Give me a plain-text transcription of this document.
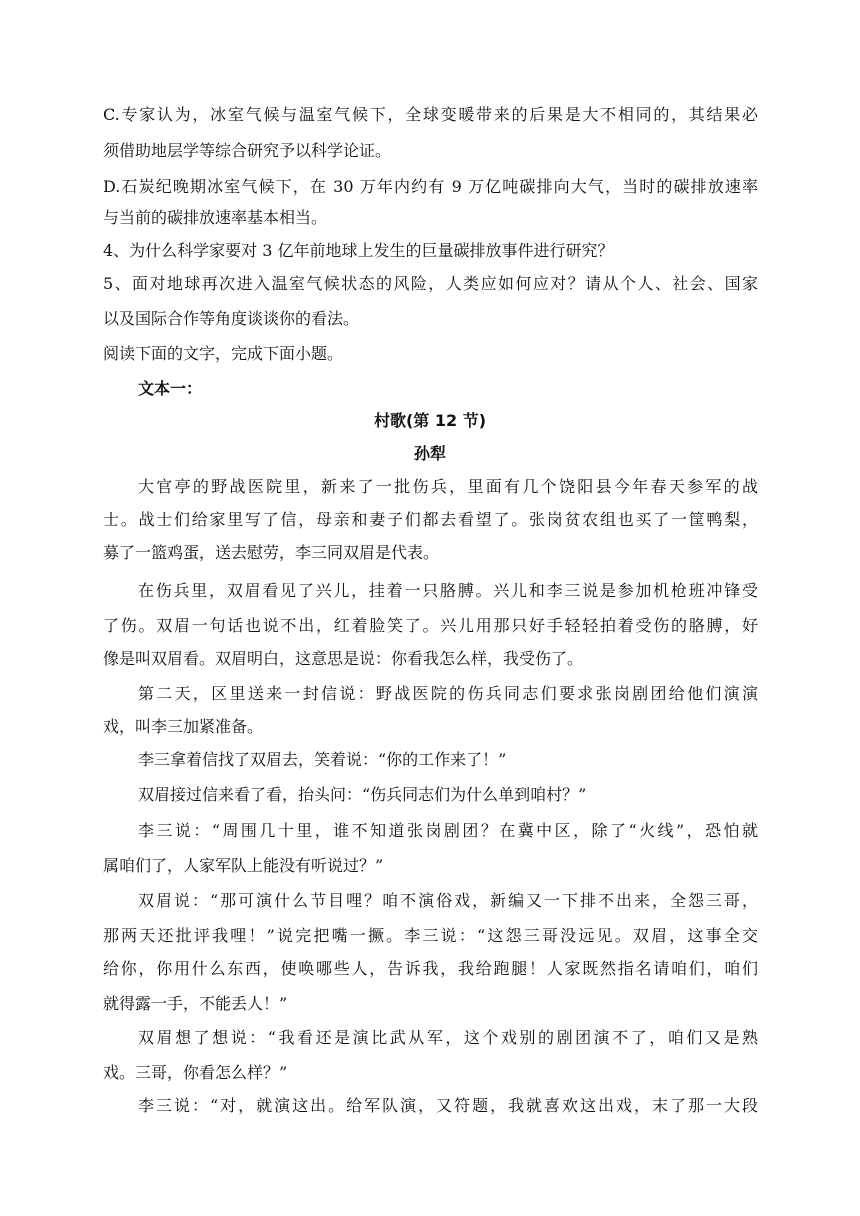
C.专家认为，冰室气候与温室气候下，全球变暖带来的后果是大不相同的，其结果必
须借助地层学等综合研究予以科学论证。
D.石炭纪晚期冰室气候下，在 30 万年内约有 9 万亿吨碳排向大气，当时的碳排放速率
与当前的碳排放速率基本相当。
4、为什么科学家要对 3 亿年前地球上发生的巨量碳排放事件进行研究？
5、面对地球再次进入温室气候状态的风险，人类应如何应对？请从个人、社会、国家
以及国际合作等角度谈谈你的看法。
阅读下面的文字，完成下面小题。
文本一：
村歌(第 12 节)
孙犁
大官亭的野战医院里，新来了一批伤兵，里面有几个饶阳县今年春天参军的战
士。战士们给家里写了信，母亲和妻子们都去看望了。张岗贫农组也买了一筐鸭梨，
募了一篮鸡蛋，送去慰劳，李三同双眉是代表。
在伤兵里，双眉看见了兴儿，挂着一只胳膊。兴儿和李三说是参加机枪班冲锋受
了伤。双眉一句话也说不出，红着脸笑了。兴儿用那只好手轻轻拍着受伤的胳膊，好
像是叫双眉看。双眉明白，这意思是说：你看我怎么样，我受伤了。
第二天，区里送来一封信说：野战医院的伤兵同志们要求张岗剧团给他们演演
戏，叫李三加紧准备。
李三拿着信找了双眉去，笑着说：“你的工作来了！”
双眉接过信来看了看，抬头问：“伤兵同志们为什么单到咱村？”
李三说：“周围几十里，谁不知道张岗剧团？在冀中区，除了“火线”，恐怕就
属咱们了，人家军队上能没有听说过？”
双眉说：“那可演什么节目哩？咱不演俗戏，新编又一下排不出来，全怨三哥，
那两天还批评我哩！”说完把嘴一撅。李三说：“这怨三哥没远见。双眉，这事全交
给你，你用什么东西，使唤哪些人，告诉我，我给跑腿！人家既然指名请咱们，咱们
就得露一手，不能丢人！”
双眉想了想说：“我看还是演比武从军，这个戏别的剧团演不了，咱们又是熟
戏。三哥，你看怎么样？”
李三说：“对，就演这出。给军队演，又符题，我就喜欢这出戏，末了那一大段
